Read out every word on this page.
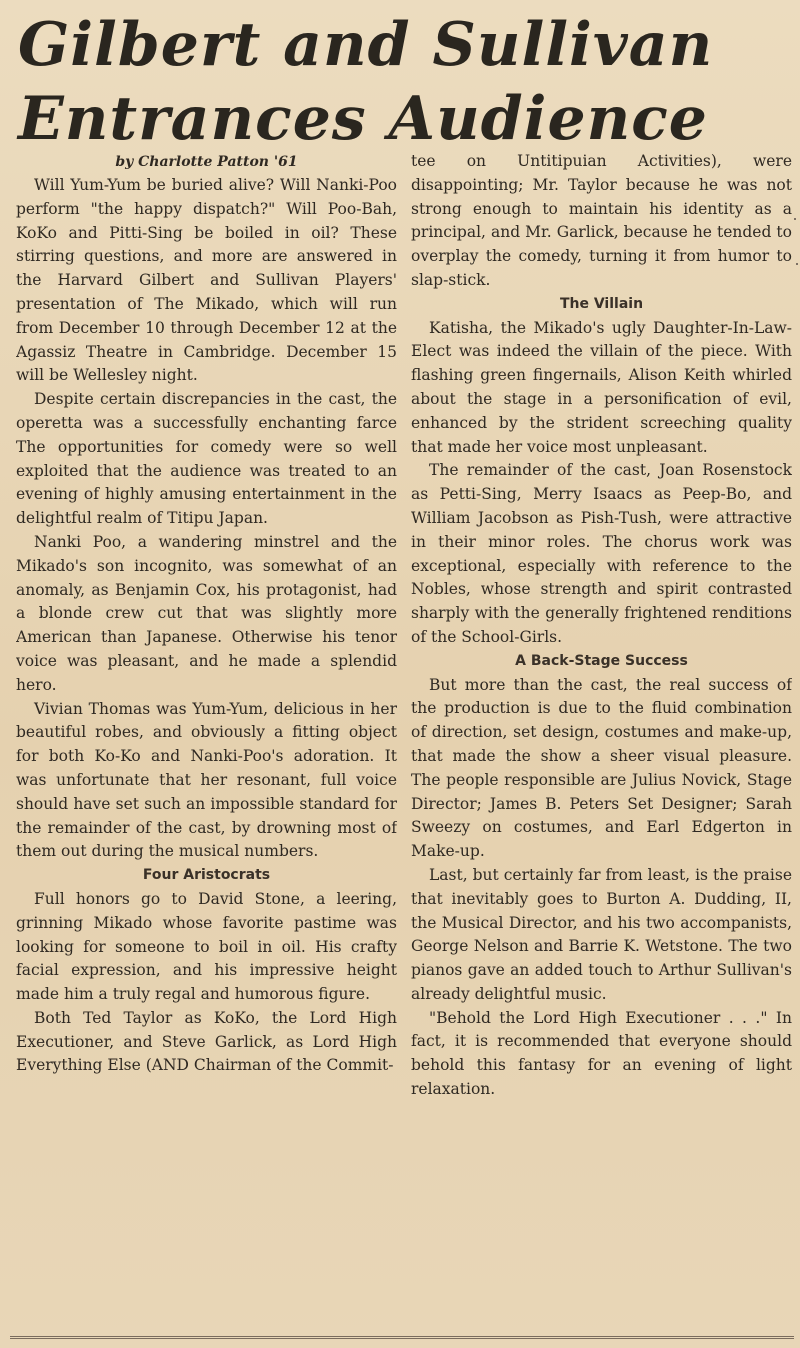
Gilbert and Sullivan Entrances Audience
by Charlotte Patton '61

Will Yum-Yum be buried alive? Will Nanki-Poo perform "the happy dispatch?" Will Poo-Bah, KoKo and Pitti-Sing be boiled in oil? These stirring questions, and more are answered in the Harvard Gilbert and Sullivan Players' presentation of The Mikado, which will run from December 10 through December 12 at the Agassiz Theatre in Cambridge. December 15 will be Wellesley night.

Despite certain discrepancies in the cast, the operetta was a successfully enchanting farce The opportunities for comedy were so well exploited that the audience was treated to an evening of highly amusing entertainment in the delightful realm of Titipu Japan.

Nanki Poo, a wandering minstrel and the Mikado's son incognito, was somewhat of an anomaly, as Benjamin Cox, his protagonist, had a blonde crew cut that was slightly more American than Japanese. Otherwise his tenor voice was pleasant, and he made a splendid hero.

Vivian Thomas was Yum-Yum, delicious in her beautiful robes, and obviously a fitting object for both Ko-Ko and Nanki-Poo's adoration. It was unfortunate that her resonant, full voice should have set such an impossible standard for the remainder of the cast, by drowning most of them out during the musical numbers.

Four Aristocrats

Full honors go to David Stone, a leering, grinning Mikado whose favorite pastime was looking for someone to boil in oil. His crafty facial expression, and his impressive height made him a truly regal and humorous figure.

Both Ted Taylor as KoKo, the Lord High Executioner, and Steve Garlick, as Lord High Everything Else (AND Chairman of the Commit-

tee on Untitipuian Activities), were disappointing; Mr. Taylor because he was not strong enough to maintain his identity as a principal, and Mr. Garlick, because he tended to overplay the comedy, turning it from humor to slap-stick.

The Villain

Katisha, the Mikado's ugly Daughter-In-Law-Elect was indeed the villain of the piece. With flashing green fingernails, Alison Keith whirled about the stage in a personification of evil, enhanced by the strident screeching quality that made her voice most unpleasant.

The remainder of the cast, Joan Rosenstock as Petti-Sing, Merry Isaacs as Peep-Bo, and William Jacobson as Pish-Tush, were attractive in their minor roles. The chorus work was exceptional, especially with reference to the Nobles, whose strength and spirit contrasted sharply with the generally frightened renditions of the School-Girls.

A Back-Stage Success

But more than the cast, the real success of the production is due to the fluid combination of direction, set design, costumes and make-up, that made the show a sheer visual pleasure. The people responsible are Julius Novick, Stage Director; James B. Peters Set Designer; Sarah Sweezy on costumes, and Earl Edgerton in Make-up.

Last, but certainly far from least, is the praise that inevitably goes to Burton A. Dudding, II, the Musical Director, and his two accompanists, George Nelson and Barrie K. Wetstone. The two pianos gave an added touch to Arthur Sullivan's already delightful music.

"Behold the Lord High Executioner . . ." In fact, it is recommended that everyone should behold this fantasy for an evening of light relaxation.
